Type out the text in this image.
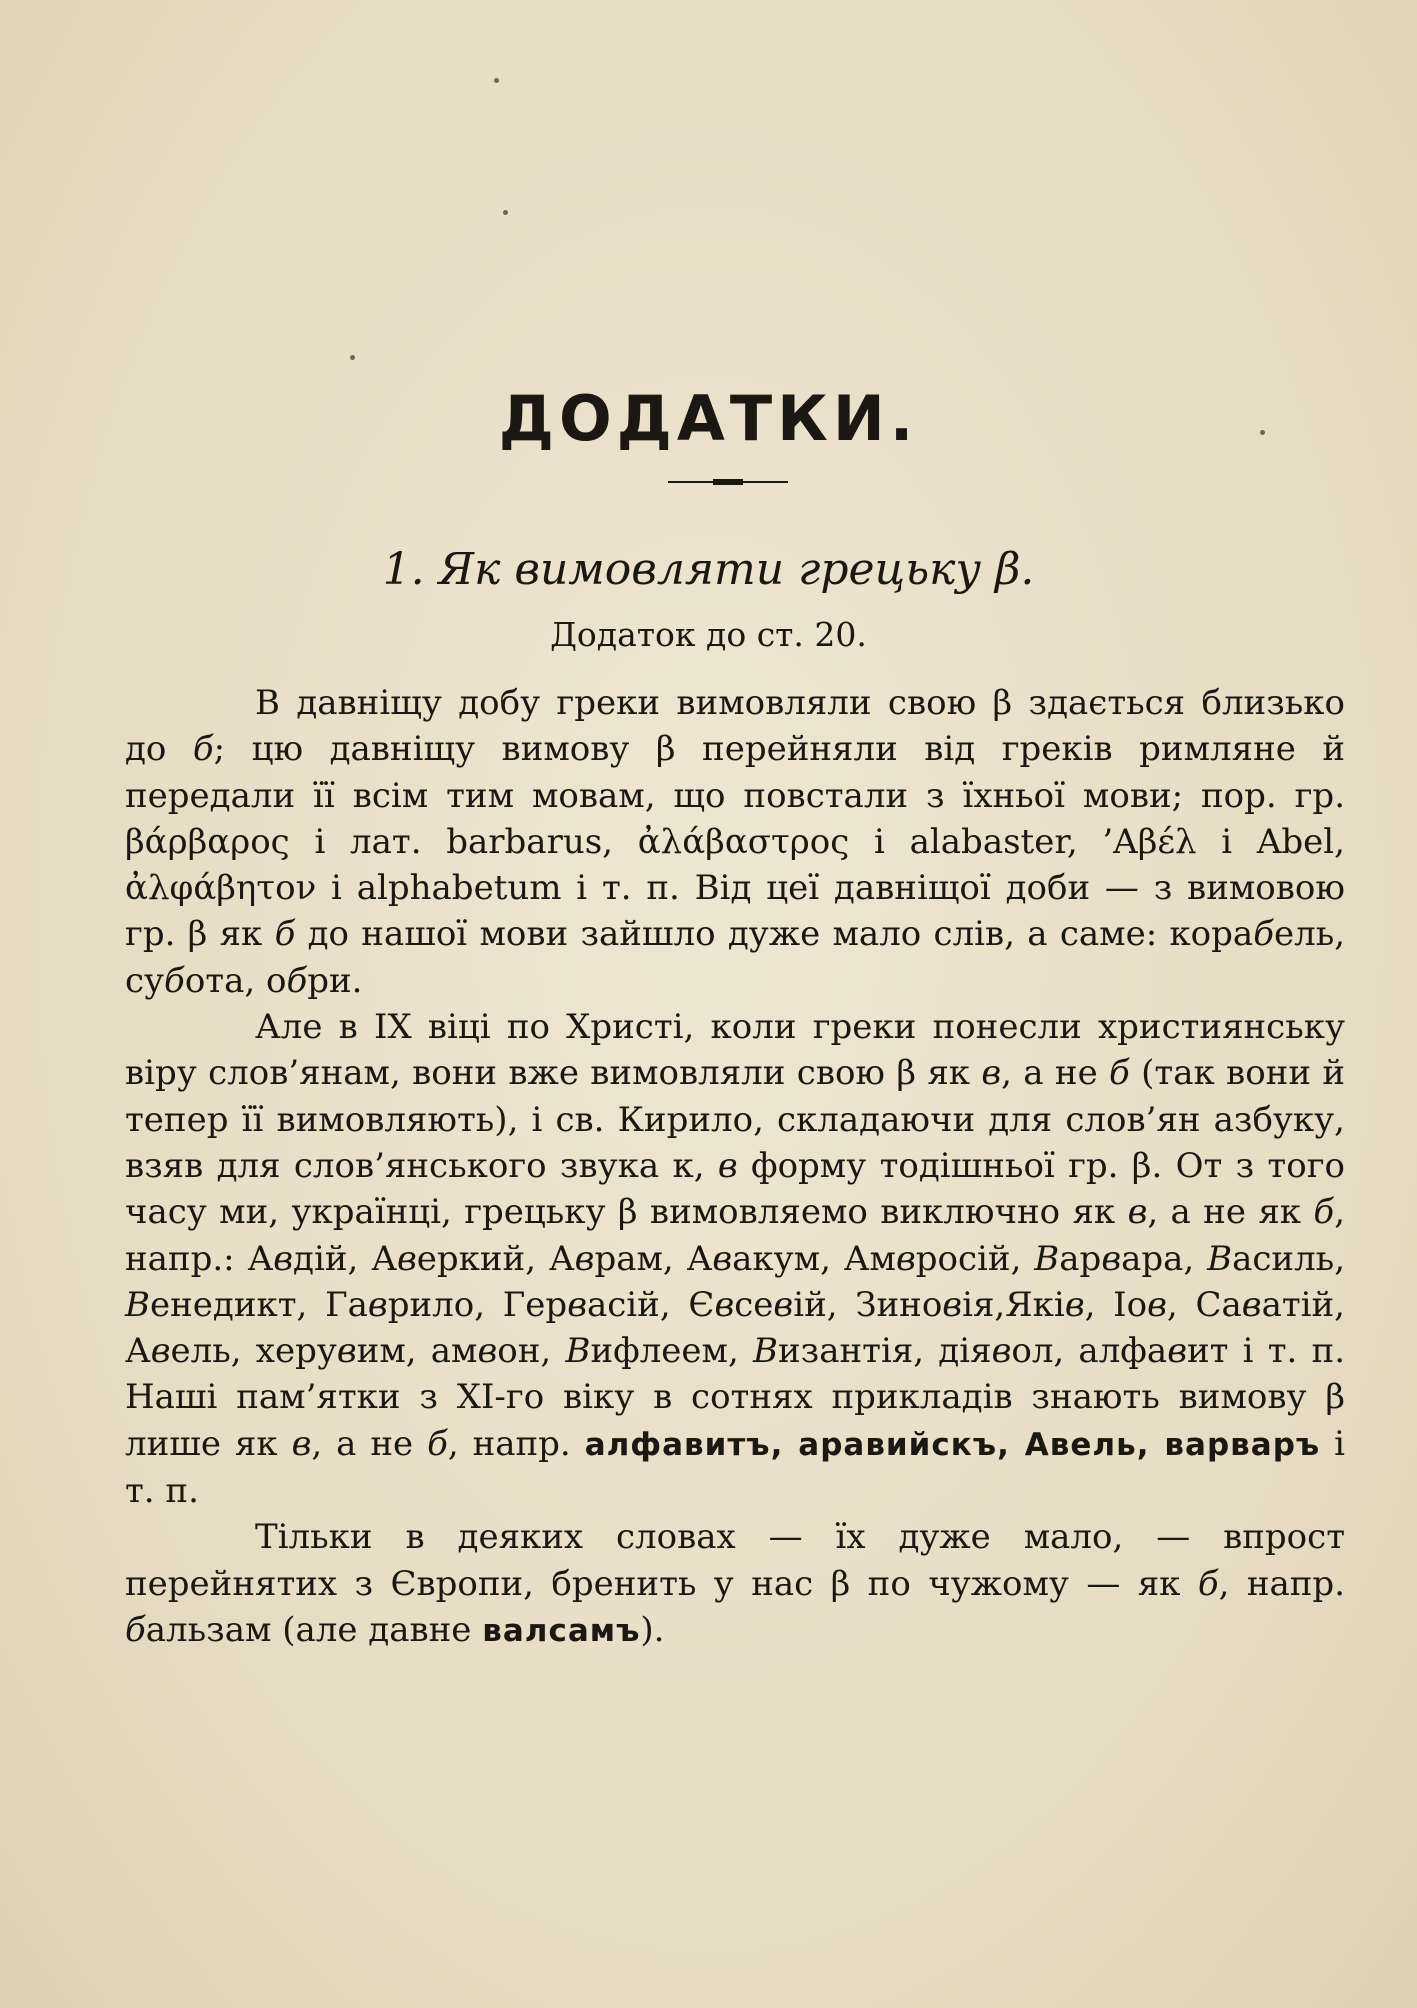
ДОДАТКИ.
1. Як вимовляти грецьку β.
Додаток до ст. 20.

В давніщу добу греки вимовляли свою β здається близько до б; цю давніщу вимову β перейняли від греків римляне й передали її всім тим мовам, що повстали з їхньої мови; пор. гр. βάρβαρος і лат. barbarus, ἀλάβαστρος і alabaster, ’Αβέλ і Abel, ἀλφάβητον і alphabetum і т. п. Від цеї давніщої доби — з вимовою гр. β як б до нашої мови зайшло дуже мало слів, а саме: корабель, субота, обри.

Але в IX віці по Христі, коли греки понесли християнську віру слов’янам, вони вже вимовляли свою β як в, а не б (так вони й тепер її вимовляють), і св. Кирило, складаючи для слов’ян азбуку, взяв для слов’янського звука к, в форму тодішньої гр. β. От з того часу ми, українці, грецьку β вимовляемо виключно як в, а не як б, напр.: Авдій, Аверкий, Аврам, Авакум, Амвросій, Варвара, Василь, Венедикт, Гаврило, Гервасій, Євсевій, Зиновія,Яків, Іов, Саватій, Авель, херувим, амвон, Вифлеем, Византія, діявол, алфавит і т. п. Наші пам’ятки з XI-го віку в сотнях прикладів знають вимову β лише як в, а не б, напр. алфавитъ, аравийскъ, Авель, варваръ і т. п.

Тільки в деяких словах — їх дуже мало, — впрост перейнятих з Європи, бренить у нас β по чужому — як б, напр. бальзам (але давне валсамъ).
